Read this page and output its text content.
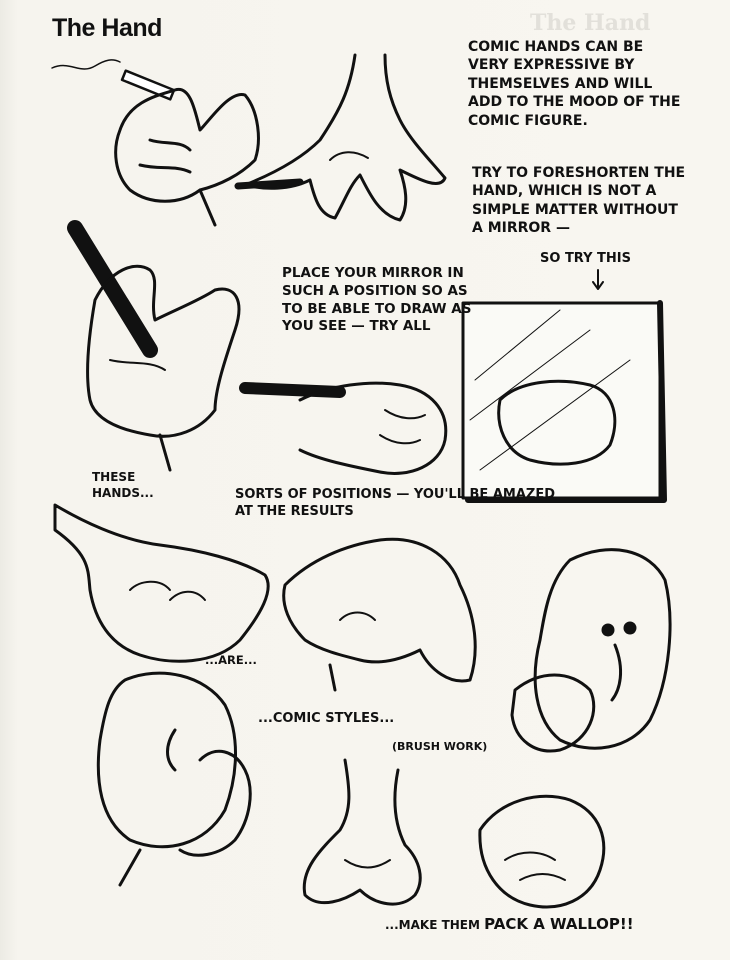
The Hand
The Hand
COMIC HANDS CAN BE VERY EXPRESSIVE BY THEMSELVES AND WILL ADD TO THE MOOD OF THE COMIC FIGURE.
TRY TO FORESHORTEN THE HAND, WHICH IS NOT A SIMPLE MATTER WITHOUT A MIRROR —
SO TRY THIS
PLACE YOUR MIRROR IN SUCH A POSITION SO AS TO BE ABLE TO DRAW AS YOU SEE — TRY ALL
THESE HANDS...	SORTS OF POSITIONS — YOU'LL BE AMAZED AT THE RESULTS
...ARE...
...COMIC STYLES...
(BRUSH WORK)
...MAKE THEM PACK A WALLOP!!
